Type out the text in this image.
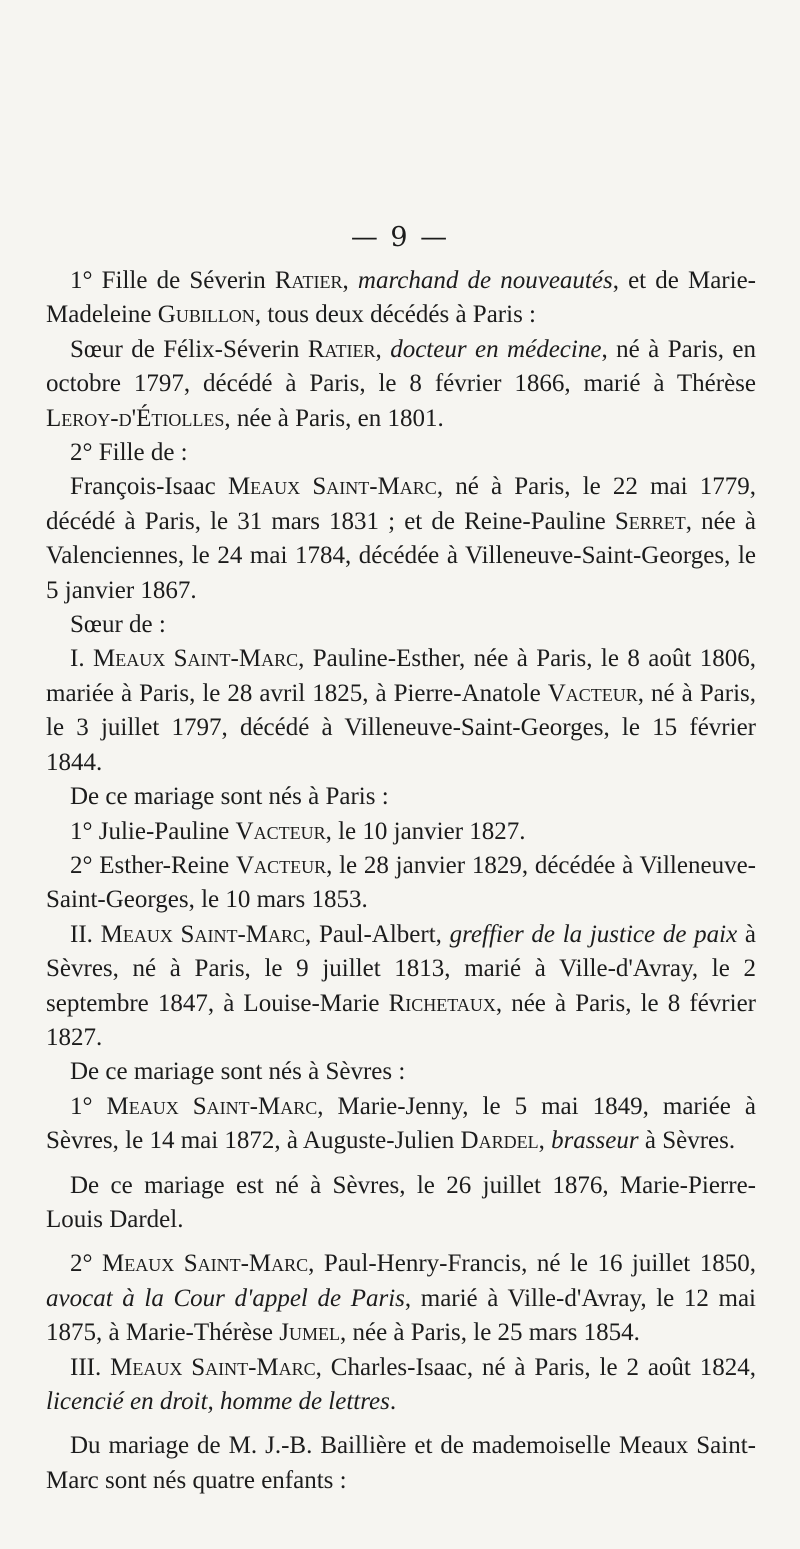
— 9 —

1° Fille de Séverin Ratier, marchand de nouveautés, et de Marie-Madeleine Gubillon, tous deux décédés à Paris :

Sœur de Félix-Séverin Ratier, docteur en médecine, né à Paris, en octobre 1797, décédé à Paris, le 8 février 1866, marié à Thérèse Leroy-d'Étiolles, née à Paris, en 1801.

2° Fille de :

François-Isaac Meaux Saint-Marc, né à Paris, le 22 mai 1779, décédé à Paris, le 31 mars 1831 ; et de Reine-Pauline Serret, née à Valenciennes, le 24 mai 1784, décédée à Villeneuve-Saint-Georges, le 5 janvier 1867.

Sœur de :

I. Meaux Saint-Marc, Pauline-Esther, née à Paris, le 8 août 1806, mariée à Paris, le 28 avril 1825, à Pierre-Anatole Vacteur, né à Paris, le 3 juillet 1797, décédé à Villeneuve-Saint-Georges, le 15 février 1844.

De ce mariage sont nés à Paris :

1° Julie-Pauline Vacteur, le 10 janvier 1827.

2° Esther-Reine Vacteur, le 28 janvier 1829, décédée à Villeneuve-Saint-Georges, le 10 mars 1853.

II. Meaux Saint-Marc, Paul-Albert, greffier de la justice de paix à Sèvres, né à Paris, le 9 juillet 1813, marié à Ville-d'Avray, le 2 septembre 1847, à Louise-Marie Richetaux, née à Paris, le 8 février 1827.

De ce mariage sont nés à Sèvres :

1° Meaux Saint-Marc, Marie-Jenny, le 5 mai 1849, mariée à Sèvres, le 14 mai 1872, à Auguste-Julien Dardel, brasseur à Sèvres.

De ce mariage est né à Sèvres, le 26 juillet 1876, Marie-Pierre-Louis Dardel.

2° Meaux Saint-Marc, Paul-Henry-Francis, né le 16 juillet 1850, avocat à la Cour d'appel de Paris, marié à Ville-d'Avray, le 12 mai 1875, à Marie-Thérèse Jumel, née à Paris, le 25 mars 1854.

III. Meaux Saint-Marc, Charles-Isaac, né à Paris, le 2 août 1824, licencié en droit, homme de lettres.

Du mariage de M. J.-B. Baillière et de mademoiselle Meaux Saint-Marc sont nés quatre enfants :
